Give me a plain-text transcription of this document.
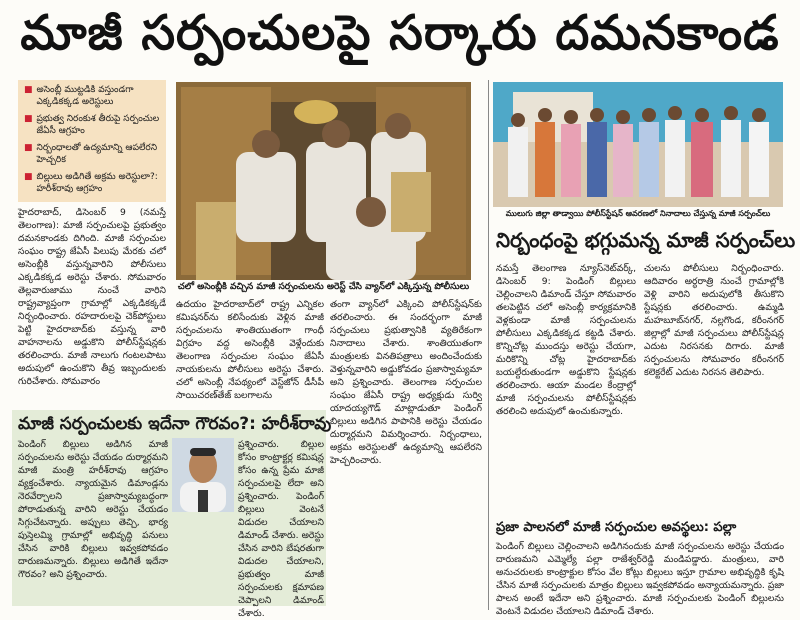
మాజీ సర్పంచులపై సర్కారు దమనకాండ
■ అసెంబ్లీ ముట్టడికి వస్తుండగా ఎక్కడికక్కడ అరెస్టులు
■ ప్రభుత్వ నిరంకుశ తీరుపై సర్పంచుల జేఏసీ ఆగ్రహం
■ నిర్బంధాలతో ఉద్యమాన్ని ఆపలేరని హెచ్చరిక
■ బిల్లులు అడిగితే అక్రమ అరెస్టులా?: హరీశ్‌రావు ఆగ్రహం
హైదరాబాద్‌, డిసెంబర్‌ 9 (నమస్తే తెలంగాణ): మాజీ సర్పంచులపై ప్రభుత్వం దమనకాండకు దిగింది. మాజీ సర్పంచుల సంఘం రాష్ట్ర జేఏసీ పిలుపు మేరకు చలో అసెంబ్లీకి వస్తున్నవారిని పోలీసులు ఎక్కడికక్కడ అరెస్టు చేశారు. సోమవారం తెల్లవారుజాము నుంచే వారిని రాష్ట్రవ్యాప్తంగా గ్రామాల్లో ఎక్కడికక్కడే నిర్బంధించారు. రహదారులపై చెక్‌పోస్టులు పెట్టి హైదరాబాద్‌కు వస్తున్న వారి వాహనాలను అడ్డుకొని పోలీస్‌స్టేషన్లకు తరలించారు. మాజీ నాలుగు గంటలపాటు అదుపులో ఉంచుకొని తీవ్ర ఇబ్బందులకు గురిచేశారు. సోమవారం
చలో అసెంబ్లీకి వచ్చిన మాజీ సర్పంచులను అరెస్ట్‌ చేసి వ్యాన్‌లో ఎక్కిస్తున్న పోలీసులు
ములుగు జిల్లా తాడ్వాయి పోలీస్‌స్టేషన్‌ ఆవరణలో నినాదాలు చేస్తున్న మాజీ సర్పంచ్‌లు
నిర్బంధంపై భగ్గుమన్న మాజీ సర్పంచ్‌లు
ఉదయం హైదరాబాద్‌లో రాష్ట్ర ఎన్నికల కమిషనర్‌ను కలిసేందుకు వెళ్లిన మాజీ సర్పంచులను శాంతియుతంగా గాంధీ విగ్రహం వద్ద అసెంబ్లీకి వెళ్లేందుకు తెలంగాణ సర్పంచుల సంఘం జేఏసీ నాయకులను పోలీసులు అరెస్టు చేశారు. చలో అసెంబ్లీ నేపథ్యంలో వెస్ట్‌జోన్‌ డీసీపీ సాయిచరణ్‌తేజ్‌ బలగాలను
తంగా వ్యాన్‌లో ఎక్కించి పోలీస్‌స్టేషన్‌కు తరలించారు. ఈ సందర్భంగా మాజీ సర్పంచులు ప్రభుత్వానికి వ్యతిరేకంగా నినాదాలు చేశారు. శాంతియుతంగా మంత్రులకు వినతిపత్రాలు అందించేందుకు వెళ్తున్నవారిని అడ్డుకోవడం ప్రజాస్వామ్యమా అని ప్రశ్నించారు. తెలంగాణ సర్పంచుల సంఘం జేఏసీ రాష్ట్ర అధ్యక్షుడు సుర్వి యాదయ్యగౌడ్‌ మాట్లాడుతూ పెండింగ్‌ బిల్లులు అడిగిన పాపానికి అరెస్టు చేయడం దుర్మార్గమని విమర్శించారు. నిర్బంధాలు, అక్రమ అరెస్టులతో ఉద్యమాన్ని ఆపలేరని హెచ్చరించారు.
నమస్తే తెలంగాణ న్యూస్‌నెట్‌వర్క్‌, డిసెంబర్‌ 9: పెండింగ్‌ బిల్లులు చెల్లించాలని డిమాండ్‌ చేస్తూ సోమవారం తలపెట్టిన చలో అసెంబ్లీ కార్యక్రమానికి వెళ్లకుండా మాజీ సర్పంచులను పోలీసులు ఎక్కడికక్కడ కట్టడి చేశారు. కొన్నిచోట్ల ముందస్తు అరెస్టు చేయగా, మరికొన్ని చోట్ల హైదరాబాద్‌కు బయల్దేరుతుండగా అడ్డుకొని స్టేషన్లకు తరలించారు. ఆయా మండల కేంద్రాల్లో మాజీ సర్పంచులను పోలీస్‌స్టేషన్లకు తరలించి అదుపులో ఉంచుకున్నారు.
చులను పోలీసులు నిర్బంధించారు. ఆదివారం అర్ధరాత్రి నుంచే గ్రామాల్లోకి వెళ్లి వారిని అదుపులోకి తీసుకొని స్టేషన్లకు తరలించారు. ఉమ్మడి మహబూబ్‌నగర్‌, నల్లగొండ, కరీంనగర్‌ జిల్లాల్లో మాజీ సర్పంచులు పోలీస్‌స్టేషన్ల ఎదుట నిరసనకు దిగారు. మాజీ సర్పంచులను సోమవారం కరీంనగర్‌ కలెక్టరేట్‌ ఎదుట నిరసన తెలిపారు.
మాజీ సర్పంచులకు ఇదేనా గౌరవం?: హరీశ్‌రావు
పెండింగ్‌ బిల్లులు అడిగిన మాజీ సర్పంచులను అరెస్టు చేయడం దుర్మార్గమని మాజీ మంత్రి హరీశ్‌రావు ఆగ్రహం వ్యక్తంచేశారు. న్యాయమైన డిమాండ్లను నెరవేర్చాలని ప్రజాస్వామ్యబద్ధంగా పోరాడుతున్న వారిని అరెస్టు చేయడం సిగ్గుచేటన్నారు. అప్పులు తెచ్చి, భార్య పుస్తెలమ్మి గ్రామాల్లో అభివృద్ధి పనులు చేసిన వారికి బిల్లులు ఇవ్వకపోవడం దారుణమన్నారు. బిల్లులు అడిగితే ఇదేనా గౌరవం? అని ప్రశ్నించారు.
ప్రశ్నించారు. బిల్లుల కోసం కాంట్రాక్టర్ల కమిషన్ల కోసం ఉన్న ప్రేమ మాజీ సర్పంచులపై లేదా అని ప్రశ్నించారు. పెండింగ్‌ బిల్లులు వెంటనే విడుదల చేయాలని డిమాండ్‌ చేశారు. అరెస్టు చేసిన వారిని బేషరతుగా విడుదల చేయాలని, ప్రభుత్వం మాజీ సర్పంచులకు క్షమాపణ చెప్పాలని డిమాండ్‌ చేశారు.
ప్రజా పాలనలో మాజీ సర్పంచుల అవస్థలు: పల్లా
పెండింగ్‌ బిల్లులు చెల్లించాలని అడిగినందుకు మాజీ సర్పంచులను అరెస్టు చేయడం దారుణమని ఎమ్మెల్యే పల్లా రాజేశ్వర్‌రెడ్డి మండిపడ్డారు. మంత్రులు, వారి అనుచరులకు కాంట్రాక్టుల కోసం వేల కోట్లు బిల్లులు ఇస్తూ గ్రామాల అభివృద్ధికి కృషి చేసిన మాజీ సర్పంచులకు మాత్రం బిల్లులు ఇవ్వకపోవడం అన్యాయమన్నారు. ప్రజా పాలన అంటే ఇదేనా అని ప్రశ్నించారు. మాజీ సర్పంచులకు పెండింగ్‌ బిల్లులను వెంటనే విడుదల చేయాలని డిమాండ్‌ చేశారు.
